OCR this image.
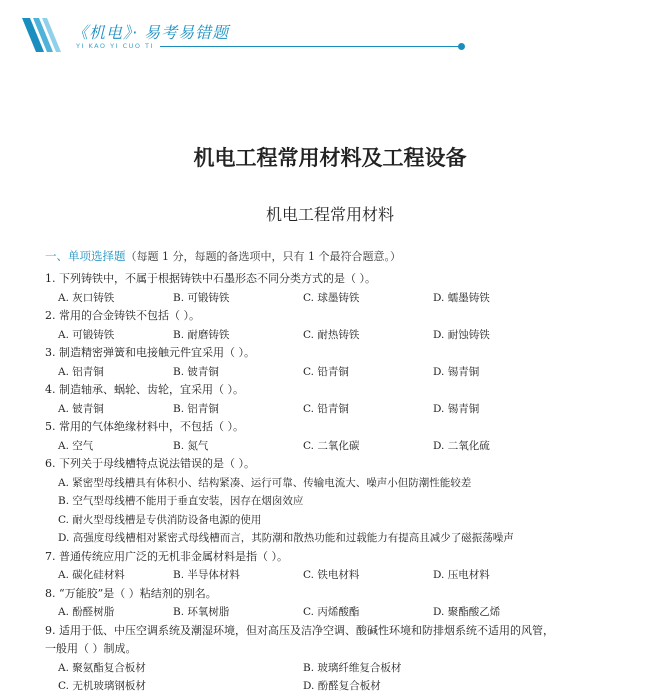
《机电》· 易考易错题
YI KAO YI CUO TI
机电工程常用材料及工程设备
机电工程常用材料
一、单项选择题（每题 1 分，每题的备选项中，只有 1 个最符合题意。）
1. 下列铸铁中，不属于根据铸铁中石墨形态不同分类方式的是（ ）。
A. 灰口铸铁	B. 可锻铸铁	C. 球墨铸铁	D. 蠕墨铸铁
2. 常用的合金铸铁不包括（ ）。
A. 可锻铸铁	B. 耐磨铸铁	C. 耐热铸铁	D. 耐蚀铸铁
3. 制造精密弹簧和电接触元件宜采用（ ）。
A. 铝青铜	B. 铍青铜	C. 铅青铜	D. 锡青铜
4. 制造轴承、蜗轮、齿轮，宜采用（ ）。
A. 铍青铜	B. 铝青铜	C. 铅青铜	D. 锡青铜
5. 常用的气体绝缘材料中，不包括（ ）。
A. 空气	B. 氮气	C. 二氧化碳	D. 二氧化硫
6. 下列关于母线槽特点说法错误的是（ ）。
A. 紧密型母线槽具有体积小、结构紧凑、运行可靠、传输电流大、噪声小但防潮性能较差
B. 空气型母线槽不能用于垂直安装，因存在烟囱效应
C. 耐火型母线槽是专供消防设备电源的使用
D. 高强度母线槽相对紧密式母线槽而言，其防潮和散热功能和过载能力有提高且减少了磁振荡噪声
7. 普通传统应用广泛的无机非金属材料是指（ ）。
A. 碳化硅材料	B. 半导体材料	C. 铁电材料	D. 压电材料
8. “万能胶”是（ ）粘结剂的别名。
A. 酚醛树脂	B. 环氧树脂	C. 丙烯酸酯	D. 聚酯酸乙烯
9. 适用于低、中压空调系统及潮湿环境，但对高压及洁净空调、酸碱性环境和防排烟系统不适用的风管，
一般用（ ）制成。
A. 聚氨酯复合板材	B. 玻璃纤维复合板材
C. 无机玻璃钢板材	D. 酚醛复合板材
